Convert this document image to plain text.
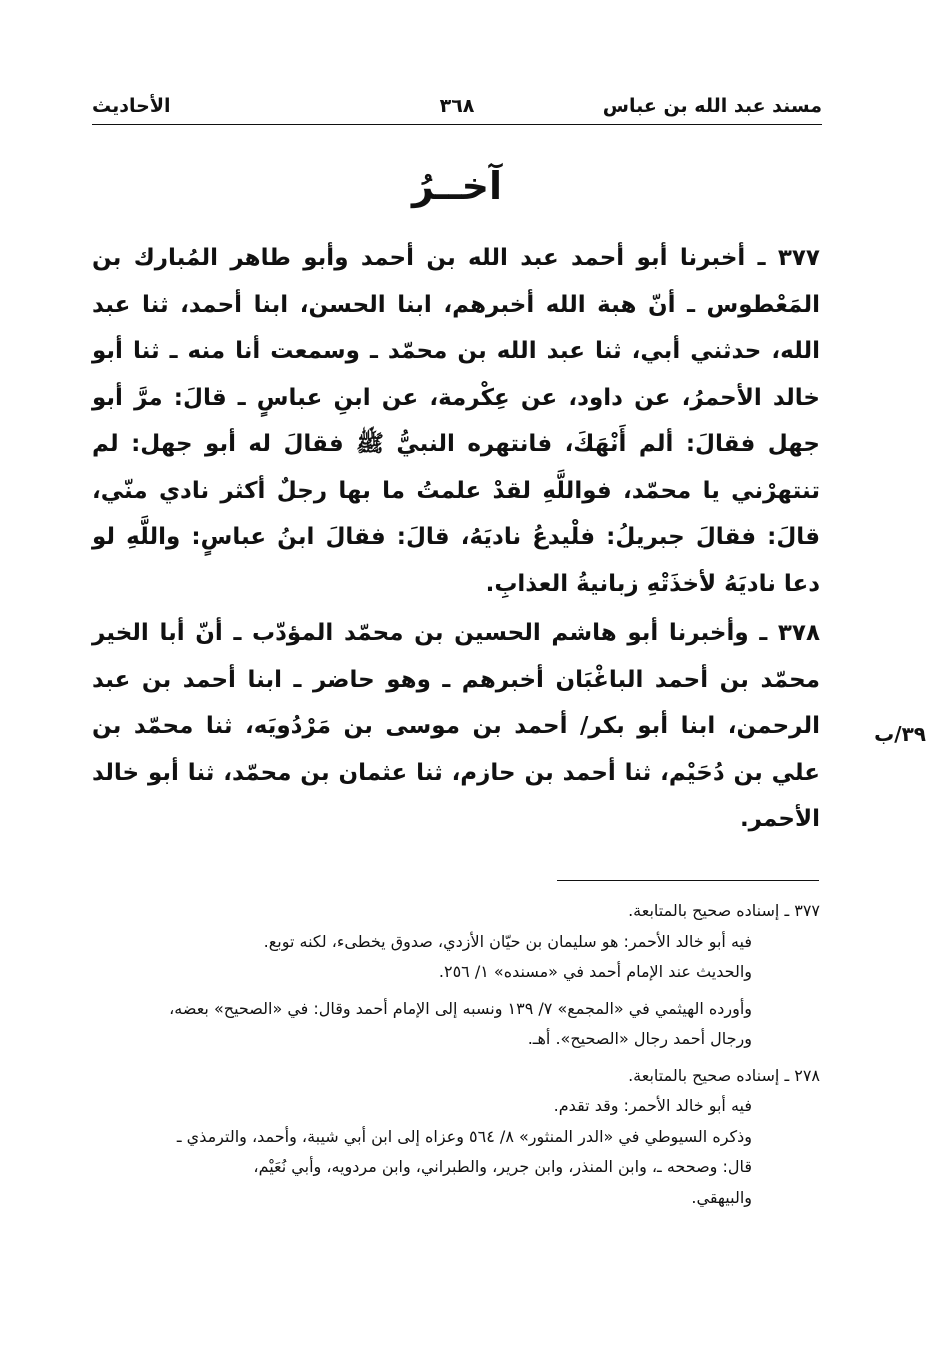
مسند عبد الله بن عباس
٣٦٨
الأحاديث
آخــرُ
٣٧٧ ـ أخبرنا أبو أحمد عبد الله بن أحمد وأبو طاهر المُبارك بن المَعْطوس ـ أنّ هبة الله أخبرهم، ابنا الحسن، ابنا أحمد، ثنا عبد الله، حدثني أبي، ثنا عبد الله بن محمّد ـ وسمعت أنا منه ـ ثنا أبو خالد الأحمرُ، عن داود، عن عِكْرمة، عن ابنِ عباسٍ ـ قالَ: مرَّ أبو جهل فقالَ: ألم أَنْهَكَ، فانتهره النبيُّ ﷺ فقالَ له أبو جهل: لم تنتهرْني يا محمّد، فواللَّهِ لقدْ علمتُ ما بها رجلٌ أكثر نادي منّي، قالَ: فقالَ جبريلُ: فلْيدعُ ناديَهُ، قالَ: فقالَ ابنُ عباسٍ: واللَّهِ لو دعا ناديَهُ لأخذَتْهِ زبانيةُ العذابِ.
٣٧٨ ـ وأخبرنا أبو هاشم الحسين بن محمّد المؤدّب ـ أنّ أبا الخير محمّد بن أحمد الباغْبَان أخبرهم ـ وهو حاضر ـ ابنا أحمد بن عبد الرحمن، ابنا أبو بكر/ أحمد بن موسى بن مَرْدُويَه، ثنا محمّد بن علي بن دُحَيْم، ثنا أحمد بن حازم، ثنا عثمان بن محمّد، ثنا أبو خالد الأحمر.
٣٩/ب
٣٧٧ ـ إسناده صحيح بالمتابعة.
فيه أبو خالد الأحمر: هو سليمان بن حيّان الأزدي، صدوق يخطىء، لكنه توبع.
والحديث عند الإمام أحمد في «مسنده» ١/ ٢٥٦.
وأورده الهيثمي في «المجمع» ٧/ ١٣٩ ونسبه إلى الإمام أحمد وقال: في «الصحيح» بعضه،
ورجال أحمد رجال «الصحيح». أهـ.
٢٧٨ ـ إسناده صحيح بالمتابعة.
فيه أبو خالد الأحمر: وقد تقدم.
وذكره السيوطي في «الدر المنثور» ٨/ ٥٦٤ وعزاه إلى ابن أبي شيبة، وأحمد، والترمذي ـ
قال: وصححه ـ، وابن المنذر، وابن جرير، والطبراني، وابن مردويه، وأبي نُعَيْم،
والبيهقي.
